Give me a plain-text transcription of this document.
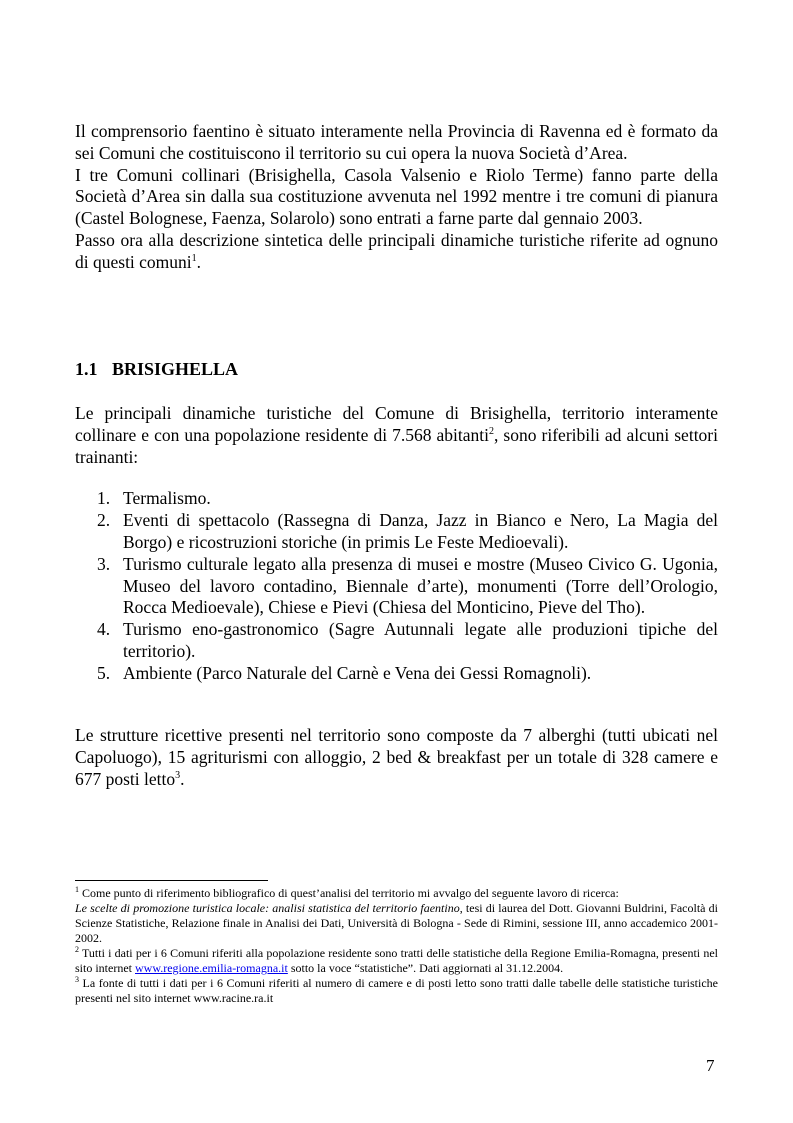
Il comprensorio faentino è situato interamente nella Provincia di Ravenna ed è formato da sei Comuni che costituiscono il territorio su cui opera la nuova Società d’Area.

I tre Comuni collinari (Brisighella, Casola Valsenio e Riolo Terme) fanno parte della Società d’Area sin dalla sua costituzione avvenuta nel 1992 mentre i tre comuni di pianura (Castel Bolognese, Faenza, Solarolo) sono entrati a farne parte dal gennaio 2003.

Passo ora alla descrizione sintetica delle principali dinamiche turistiche riferite ad ognuno di questi comuni$^1$.

1.1 BRISIGHELLA

Le principali dinamiche turistiche del Comune di Brisighella, territorio interamente collinare e con una popolazione residente di 7.568 abitanti$^2$, sono riferibili ad alcuni settori trainanti:

1. Termalismo.
2. Eventi di spettacolo (Rassegna di Danza, Jazz in Bianco e Nero, La Magia del Borgo) e ricostruzioni storiche (in primis Le Feste Medioevali).
3. Turismo culturale legato alla presenza di musei e mostre (Museo Civico G. Ugonia, Museo del lavoro contadino, Biennale d’arte), monumenti (Torre dell’Orologio, Rocca Medioevale), Chiese e Pievi (Chiesa del Monticino, Pieve del Tho).
4. Turismo eno-gastronomico (Sagre Autunnali legate alle produzioni tipiche del territorio).
5. Ambiente (Parco Naturale del Carnè e Vena dei Gessi Romagnoli).

Le strutture ricettive presenti nel territorio sono composte da 7 alberghi (tutti ubicati nel Capoluogo), 15 agriturismi con alloggio, 2 bed & breakfast per un totale di 328 camere e 677 posti letto$^3$.

$^1$ Come punto di riferimento bibliografico di quest’analisi del territorio mi avvalgo del seguente lavoro di ricerca:
Le scelte di promozione turistica locale: analisi statistica del territorio faentino, tesi di laurea del Dott. Giovanni Buldrini, Facoltà di Scienze Statistiche, Relazione finale in Analisi dei Dati, Università di Bologna - Sede di Rimini, sessione III, anno accademico 2001-2002.

$^2$ Tutti i dati per i 6 Comuni riferiti alla popolazione residente sono tratti delle statistiche della Regione Emilia-Romagna, presenti nel sito internet www.regione.emilia-romagna.it sotto la voce “statistiche”. Dati aggiornati al 31.12.2004.

$^3$ La fonte di tutti i dati per i 6 Comuni riferiti al numero di camere e di posti letto sono tratti dalle tabelle delle statistiche turistiche presenti nel sito internet www.racine.ra.it

7
